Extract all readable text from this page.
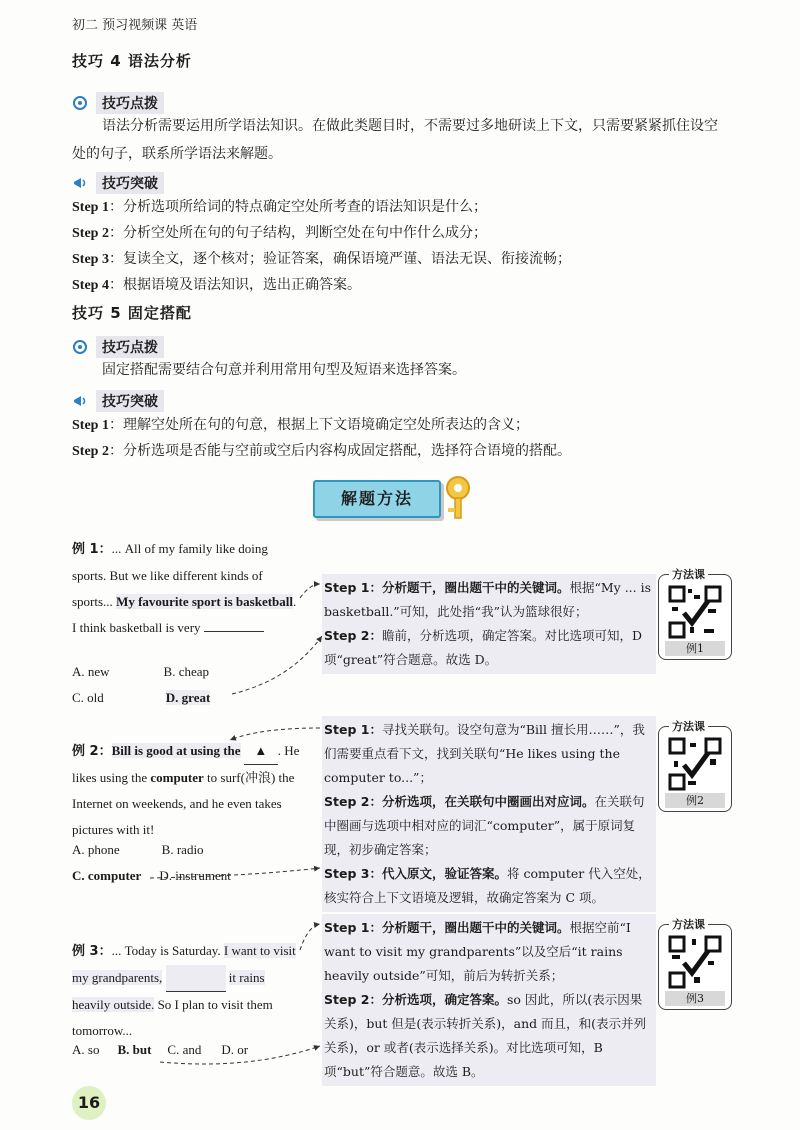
初二 预习视频课 英语
技巧 4 语法分析
技巧点拨
语法分析需要运用所学语法知识。在做此类题目时，不需要过多地研读上下文，只需要紧紧抓住设空处的句子，联系所学语法来解题。
技巧突破
Step 1：分析选项所给词的特点确定空处所考查的语法知识是什么；
Step 2：分析空处所在句的句子结构，判断空处在句中作什么成分；
Step 3：复读全文，逐个核对；验证答案，确保语境严谨、语法无误、衔接流畅；
Step 4：根据语境及语法知识，选出正确答案。
技巧 5 固定搭配
技巧点拨
固定搭配需要结合句意并利用常用句型及短语来选择答案。
技巧突破
Step 1：理解空处所在句的句意，根据上下文语境确定空处所表达的含义；
Step 2：分析选项是否能与空前或空后内容构成固定搭配，选择符合语境的搭配。
解题方法
例 1：... All of my family like doing sports. But we like different kinds of sports... My favourite sport is basketball. I think basketball is very
A. new	B. cheap
C. old	D. great

Step 1：分析题干，圈出题干中的关键词。根据“My ... is basketball.”可知，此处指“我”认为篮球很好；

Step 2：瞻前，分析选项，确定答案。对比选项可知，D项“great”符合题意。故选 D。

方法课
例1
例 2：Bill is good at using the ▲ . He likes using the computer to surf(冲浪) the Internet on weekends, and he even takes pictures with it!
A. phone	B. radio
C. computer D. instrument

Step 1：寻找关联句。设空句意为“Bill 擅长用……”，我们需要重点看下文，找到关联句“He likes using the computer to...”；

Step 2：分析选项，在关联句中圈画出对应词。在关联句中圈画与选项中相对应的词汇“computer”，属于原词复现，初步确定答案；

Step 3：代入原文，验证答案。将 computer 代入空处，核实符合上下文语境及逻辑，故确定答案为 C 项。

方法课
例2
例 3：... Today is Saturday. I want to visit my grandparents,	it rains heavily outside. So I plan to visit them tomorrow...
A. so B. but C. and D. or

Step 1：分析题干，圈出题干中的关键词。根据空前“I want to visit my grandparents”以及空后“it rains heavily outside”可知，前后为转折关系；

Step 2：分析选项，确定答案。so 因此，所以(表示因果关系)，but 但是(表示转折关系)，and 而且，和(表示并列关系)，or 或者(表示选择关系)。对比选项可知，B 项“but”符合题意。故选 B。

方法课
例3
16
